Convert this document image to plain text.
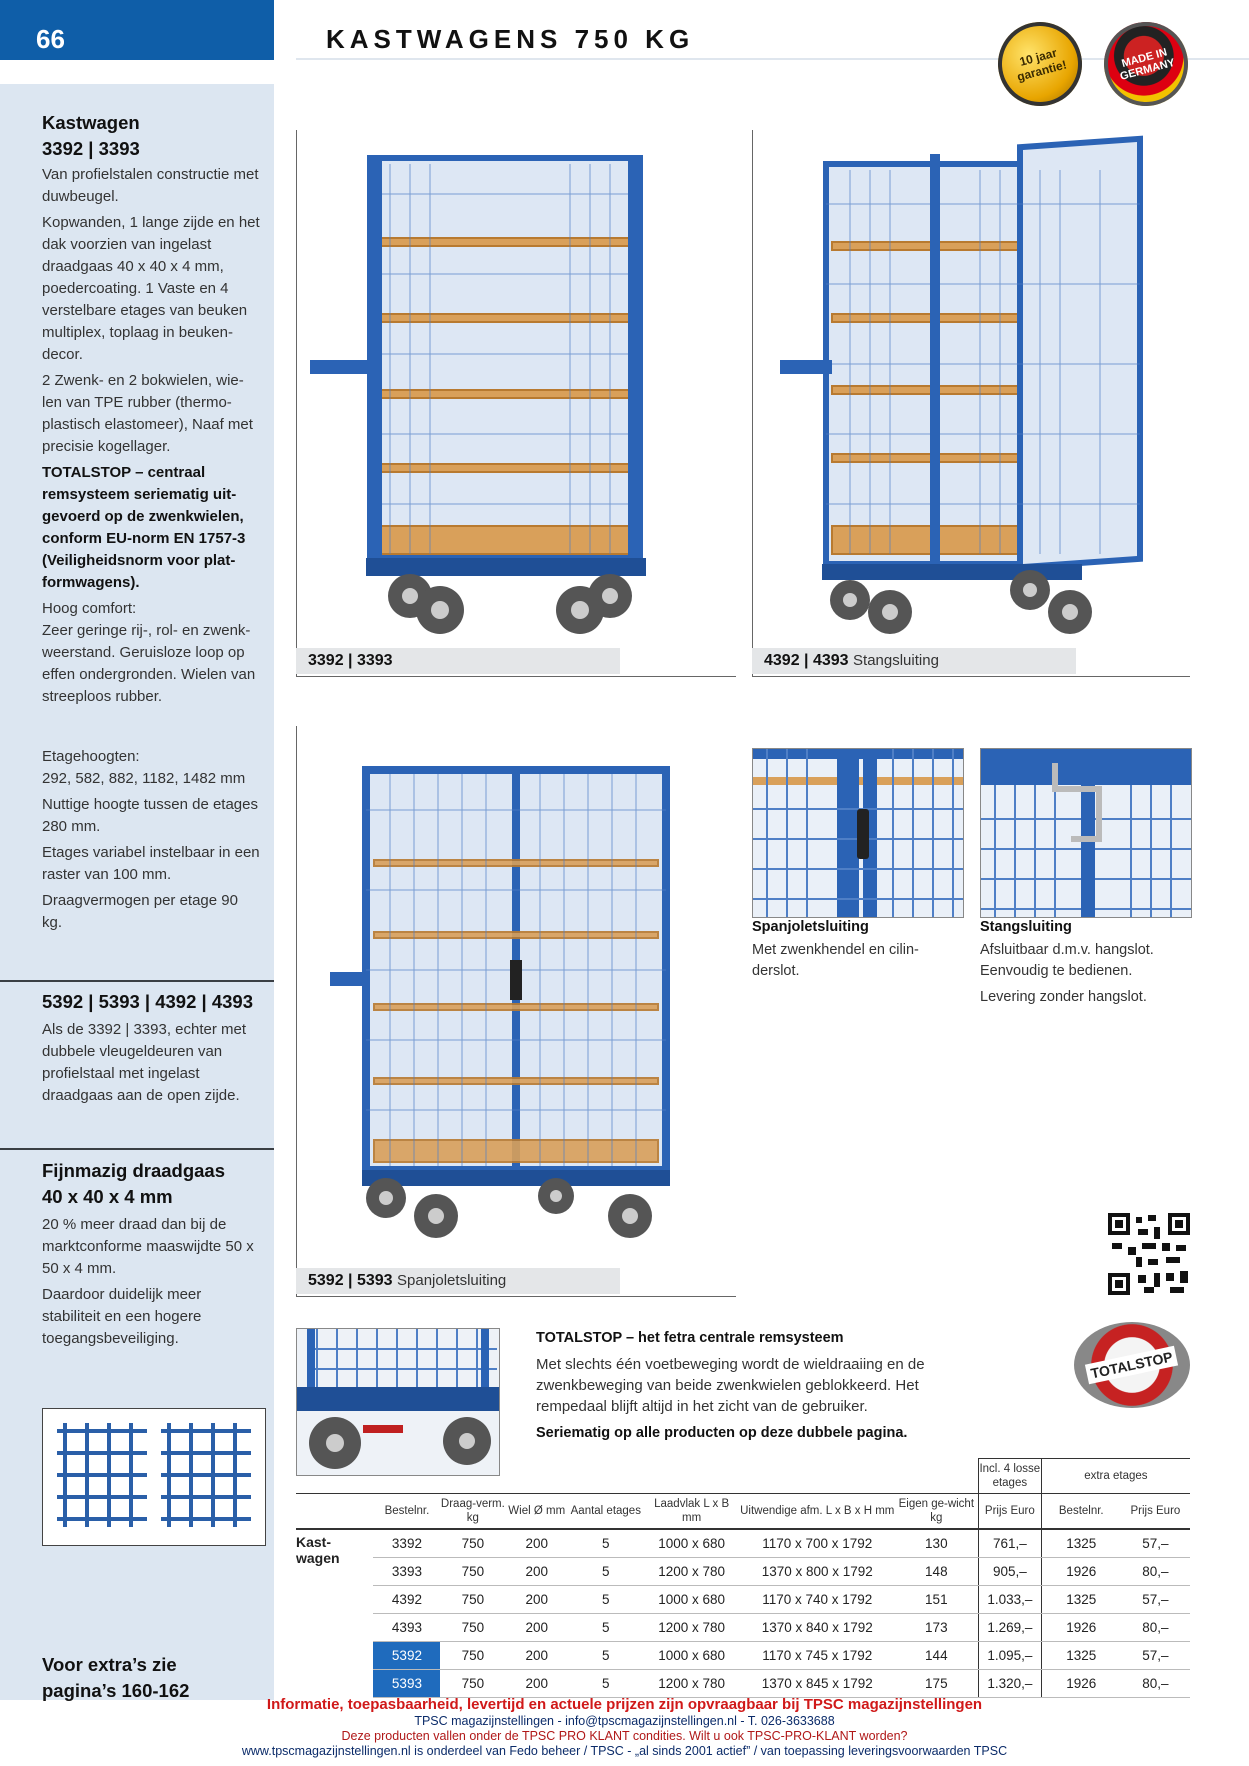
66	KASTWAGENS 750 KG
10 jaar garantie!	MADE IN GERMANY
Kastwagen
3392 | 3393

Van profielstalen constructie met duwbeugel.

Kopwanden, 1 lange zijde en het dak voorzien van ingelast draadgaas 40 x 40 x 4 mm, poedercoating. 1 Vaste en 4 verstelbare etages van beuken multiplex, toplaag in beuken-decor.

2 Zwenk- en 2 bokwielen, wie-len van TPE rubber (thermo-plastisch elastomeer), Naaf met precisie kogellager.

TOTALSTOP – centraal remsysteem seriematig uit-gevoerd op de zwenkwielen, conform EU-norm EN 1757-3 (Veiligheidsnorm voor plat-formwagens).

Hoog comfort:

Zeer geringe rij-, rol- en zwenk-weerstand. Geruisloze loop op effen ondergronden. Wielen van streeploos rubber.

Etagehoogten:

292, 582, 882, 1182, 1482 mm

Nuttige hoogte tussen de etages 280 mm.

Etages variabel instelbaar in een raster van 100 mm.

Draagvermogen per etage 90 kg.

5392 | 5393 | 4392 | 4393

Als de 3392 | 3393, echter met dubbele vleugeldeuren van profielstaal met ingelast draadgaas aan de open zijde.

Fijnmazig draadgaas
40 x 40 x 4 mm

20 % meer draad dan bij de marktconforme maaswijdte 50 x 50 x 4 mm.

Daardoor duidelijk meer stabiliteit en een hogere toegangsbeveiliging.

Voor extra’s zie
pagina’s 160-162
3392 | 3393	4392 | 4393 Stangsluiting
5392 | 5393 Spanjoletsluiting
Spanjoletsluiting
Met zwenkhendel en cilin-derslot.
Stangsluiting
Afsluitbaar d.m.v. hangslot. Eenvoudig te bedienen.
Levering zonder hangslot.
TOTALSTOP – het fetra centrale remsysteem
Met slechts één voetbeweging wordt de wieldraaiing en de zwenkbeweging van beide zwenkwielen geblokkeerd. Het rempedaal blijft altijd in het zicht van de gebruiker.
Seriematig op alle producten op deze dubbele pagina.
TOTALSTOP
								Incl. 4 losse etages	extra etages	
	Bestelnr.	Draag-verm. kg	Wiel Ø mm	Aantal etages	Laadvlak L x B mm	Uitwendige afm. L x B x H mm	Eigen ge-wicht kg	Prijs Euro	Bestelnr.	Prijs Euro
Kast-wagen	3392	750	200	5	1000 x 680	1170 x 700 x 1792	130	761,–	1325	57,–
	3393	750	200	5	1200 x 780	1370 x 800 x 1792	148	905,–	1926	80,–
	4392	750	200	5	1000 x 680	1170 x 740 x 1792	151	1.033,–	1325	57,–
	4393	750	200	5	1200 x 780	1370 x 840 x 1792	173	1.269,–	1926	80,–
	5392	750	200	5	1000 x 680	1170 x 745 x 1792	144	1.095,–	1325	57,–
	5393	750	200	5	1200 x 780	1370 x 845 x 1792	175	1.320,–	1926	80,–
Informatie, toepasbaarheid, levertijd en actuele prijzen zijn opvraagbaar bij TPSC magazijnstellingen
TPSC magazijnstellingen - info@tpscmagazijnstellingen.nl - T. 026-3633688
Deze producten vallen onder de TPSC PRO KLANT condities. Wilt u ook TPSC-PRO-KLANT worden?
www.tpscmagazijnstellingen.nl is onderdeel van Fedo beheer / TPSC - „al sinds 2001 actief” / van toepassing leveringsvoorwaarden TPSC
